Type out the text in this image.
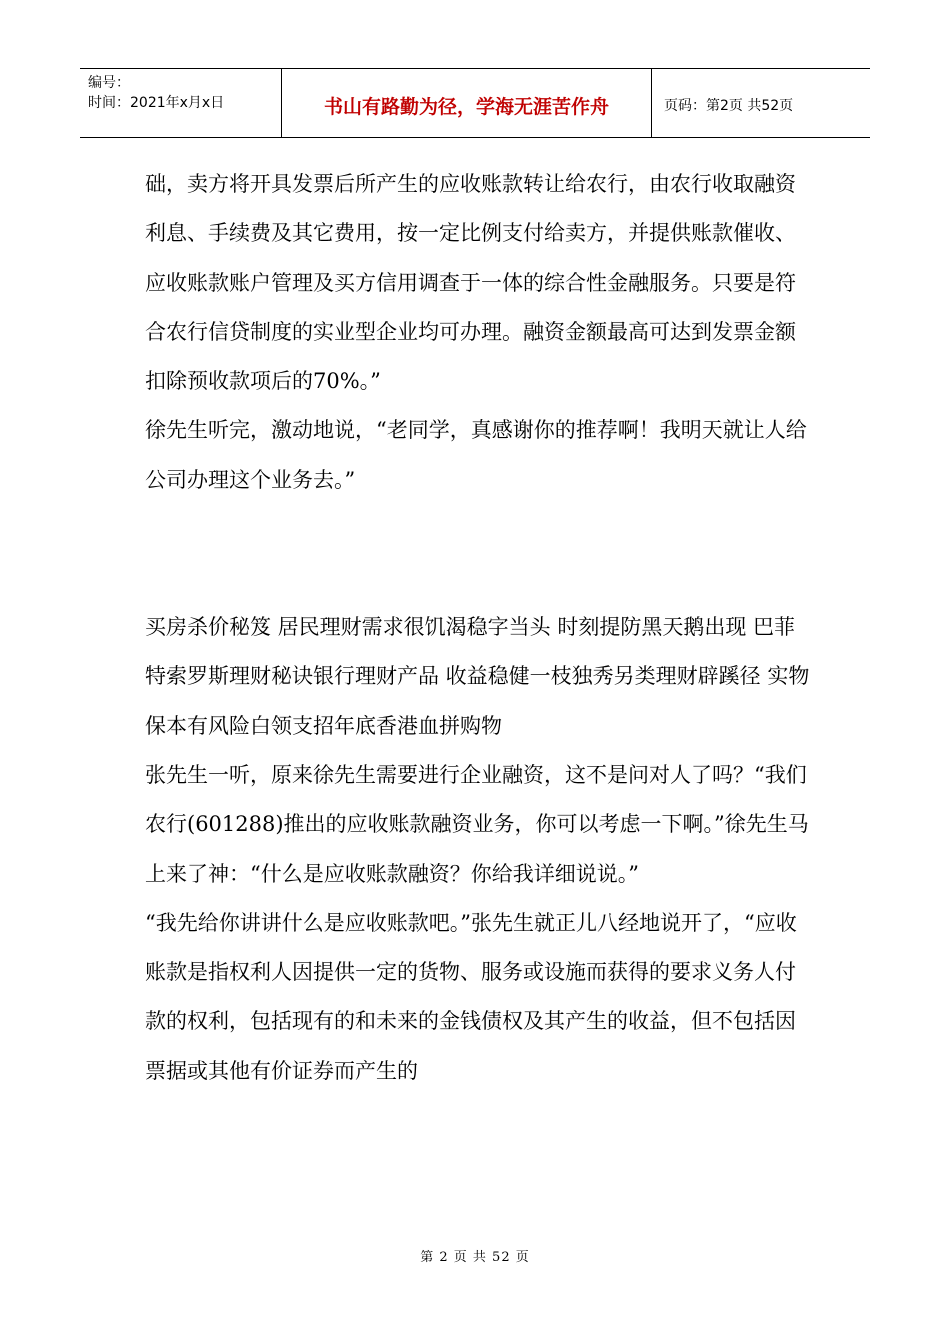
编号：
时间：2021年x月x日	书山有路勤为径，学海无涯苦作舟	页码：第2页 共52页

础，卖方将开具发票后所产生的应收账款转让给农行，由农行收取融资利息、手续费及其它费用，按一定比例支付给卖方，并提供账款催收、应收账款账户管理及买方信用调查于一体的综合性金融服务。只要是符合农行信贷制度的实业型企业均可办理。融资金额最高可达到发票金额扣除预收款项后的70%。”

徐先生听完，激动地说，“老同学，真感谢你的推荐啊！我明天就让人给公司办理这个业务去。”

买房杀价秘笈 居民理财需求很饥渴稳字当头 时刻提防黑天鹅出现 巴菲特索罗斯理财秘诀银行理财产品 收益稳健一枝独秀另类理财辟蹊径 实物保本有风险白领支招年底香港血拼购物

张先生一听，原来徐先生需要进行企业融资，这不是问对人了吗？“我们农行(601288)推出的应收账款融资业务，你可以考虑一下啊。”徐先生马上来了神：“什么是应收账款融资？你给我详细说说。”

“我先给你讲讲什么是应收账款吧。”张先生就正儿八经地说开了，“应收账款是指权利人因提供一定的货物、服务或设施而获得的要求义务人付款的权利，包括现有的和未来的金钱债权及其产生的收益，但不包括因票据或其他有价证券而产生的

第 2 页 共 52 页
